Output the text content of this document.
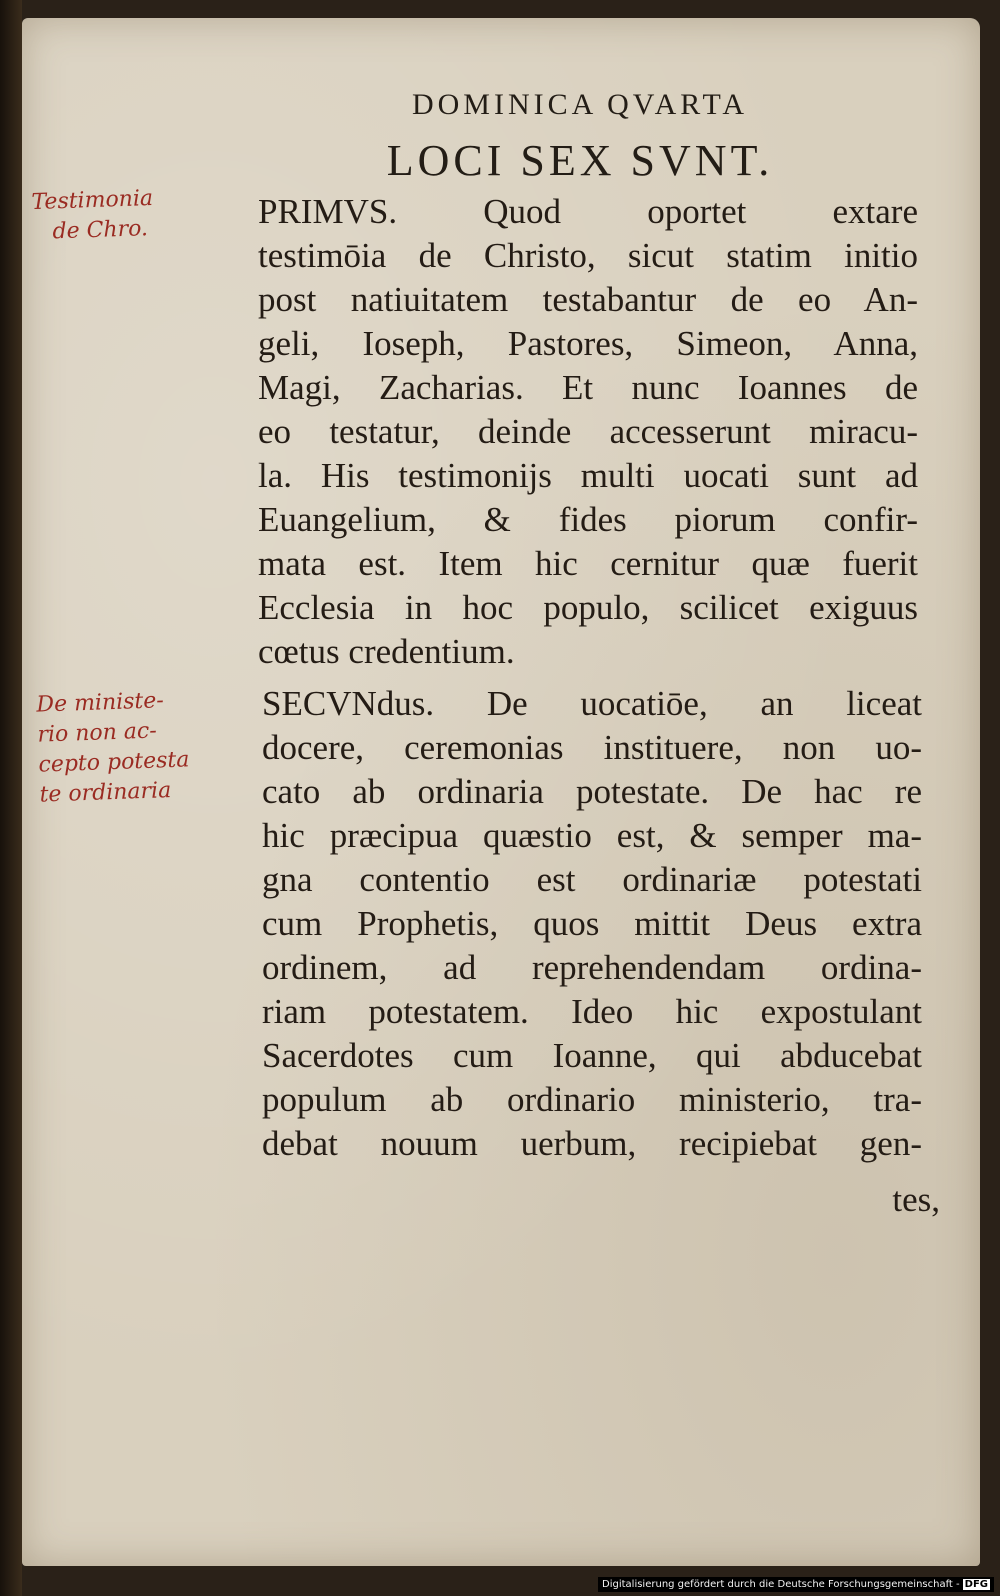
DOMINICA QVARTA
LOCI SEX SVNT.
PRIMVS. Quod oportet extare
testimōia de Christo, sicut statim initio
post natiuitatem testabantur de eo An-
geli, Ioseph, Pastores, Simeon, Anna,
Magi, Zacharias. Et nunc Ioannes de
eo testatur, deinde accesserunt miracu-
la. His testimonijs multi uocati sunt ad
Euangelium, & fides piorum confir-
mata est. Item hic cernitur quæ fuerit
Ecclesia in hoc populo, scilicet exiguus
cœtus credentium.
SECVNdus. De uocatiōe, an liceat
docere, ceremonias instituere, non uo-
cato ab ordinaria potestate. De hac re
hic præcipua quæstio est, & semper ma-
gna contentio est ordinariæ potestati
cum Prophetis, quos mittit Deus extra
ordinem, ad reprehendendam ordina-
riam potestatem. Ideo hic expostulant
Sacerdotes cum Ioanne, qui abducebat
populum ab ordinario ministerio, tra-
debat nouum uerbum, recipiebat gen-
tes,
Testimonia
de Chro.
De ministe-
rio non ac-
cepto potesta
te ordinaria
Digitalisierung gefördert durch die Deutsche Forschungsgemeinschaft - DFG
